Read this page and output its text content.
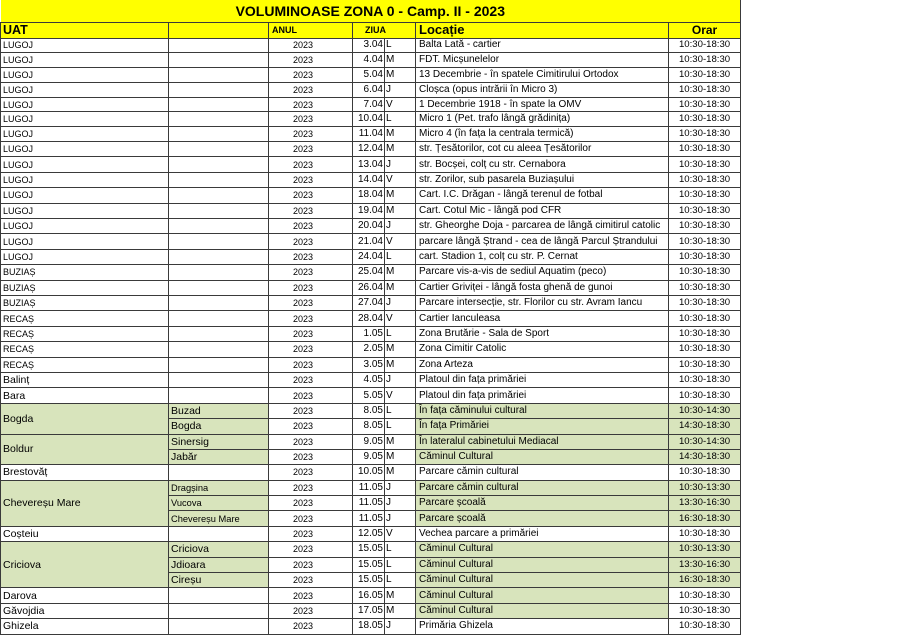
VOLUMINOASE ZONA 0 - Camp. II - 2023						
UAT		ANUL	ZIUA		Locație	Orar
LUGOJ		2023	3.04	L	Balta Lată - cartier	10:30-18:30
LUGOJ		2023	4.04	M	FDT. Micșunelelor	10:30-18:30
LUGOJ		2023	5.04	M	13 Decembrie - în spatele Cimitirului Ortodox	10:30-18:30
LUGOJ		2023	6.04	J	Cloșca (opus intrării în Micro 3)	10:30-18:30
LUGOJ		2023	7.04	V	1 Decembrie 1918 - în spate la OMV	10:30-18:30
LUGOJ		2023	10.04	L	Micro 1 (Pet. trafo lângă grădinița)	10:30-18:30
LUGOJ		2023	11.04	M	Micro 4 (în fața la centrala termică)	10:30-18:30
LUGOJ		2023	12.04	M	str. Țesătorilor, cot cu aleea Țesătorilor	10:30-18:30
LUGOJ		2023	13.04	J	str. Bocșei, colț cu str. Cernabora	10:30-18:30
LUGOJ		2023	14.04	V	str. Zorilor, sub pasarela Buziașului	10:30-18:30
LUGOJ		2023	18.04	M	Cart. I.C. Drăgan - lângă terenul de fotbal	10:30-18:30
LUGOJ		2023	19.04	M	Cart. Cotul Mic - lângă pod CFR	10:30-18:30
LUGOJ		2023	20.04	J	str. Gheorghe Doja - parcarea de lângă cimitirul catolic	10:30-18:30
LUGOJ		2023	21.04	V	parcare lângă Ștrand - cea de lângă Parcul Ștrandului	10:30-18:30
LUGOJ		2023	24.04	L	cart. Stadion 1, colț cu str. P. Cernat	10:30-18:30
BUZIAȘ		2023	25.04	M	Parcare vis-a-vis de sediul Aquatim (peco)	10:30-18:30
BUZIAȘ		2023	26.04	M	Cartier Griviței - lângă fosta ghenă de gunoi	10:30-18:30
BUZIAȘ		2023	27.04	J	Parcare intersecție, str. Florilor cu str. Avram Iancu	10:30-18:30
RECAȘ		2023	28.04	V	Cartier Ianculeasa	10:30-18:30
RECAȘ		2023	1.05	L	Zona Brutărie - Sala de Sport	10:30-18:30
RECAȘ		2023	2.05	M	Zona Cimitir Catolic	10:30-18:30
RECAȘ		2023	3.05	M	Zona Arteza	10:30-18:30
Balinț		2023	4.05	J	Platoul din fața primăriei	10:30-18:30
Bara		2023	5.05	V	Platoul din fața primăriei	10:30-18:30
Bogda	Buzad	2023	8.05	L	În fața căminului cultural	10:30-14:30
	Bogda	2023	8.05	L	În fața Primăriei	14:30-18:30
Boldur	Sinersig	2023	9.05	M	În lateralul cabinetului Mediacal	10:30-14:30
	Jabăr	2023	9.05	M	Căminul Cultural	14:30-18:30
Brestovăț		2023	10.05	M	Parcare cămin cultural	10:30-18:30
Chevereșu Mare	Dragșina	2023	11.05	J	Parcare cămin cultural	10:30-13:30
	Vucova	2023	11.05	J	Parcare școală	13:30-16:30
	Chevereșu Mare	2023	11.05	J	Parcare școală	16:30-18:30
Coșteiu		2023	12.05	V	Vechea parcare a primăriei	10:30-18:30
Criciova	Criciova	2023	15.05	L	Căminul Cultural	10:30-13:30
	Jdioara	2023	15.05	L	Căminul Cultural	13:30-16:30
	Cireșu	2023	15.05	L	Căminul Cultural	16:30-18:30
Darova		2023	16.05	M	Căminul Cultural	10:30-18:30
Găvojdia		2023	17.05	M	Căminul Cultural	10:30-18:30
Ghizela		2023	18.05	J	Primăria Ghizela	10:30-18:30
